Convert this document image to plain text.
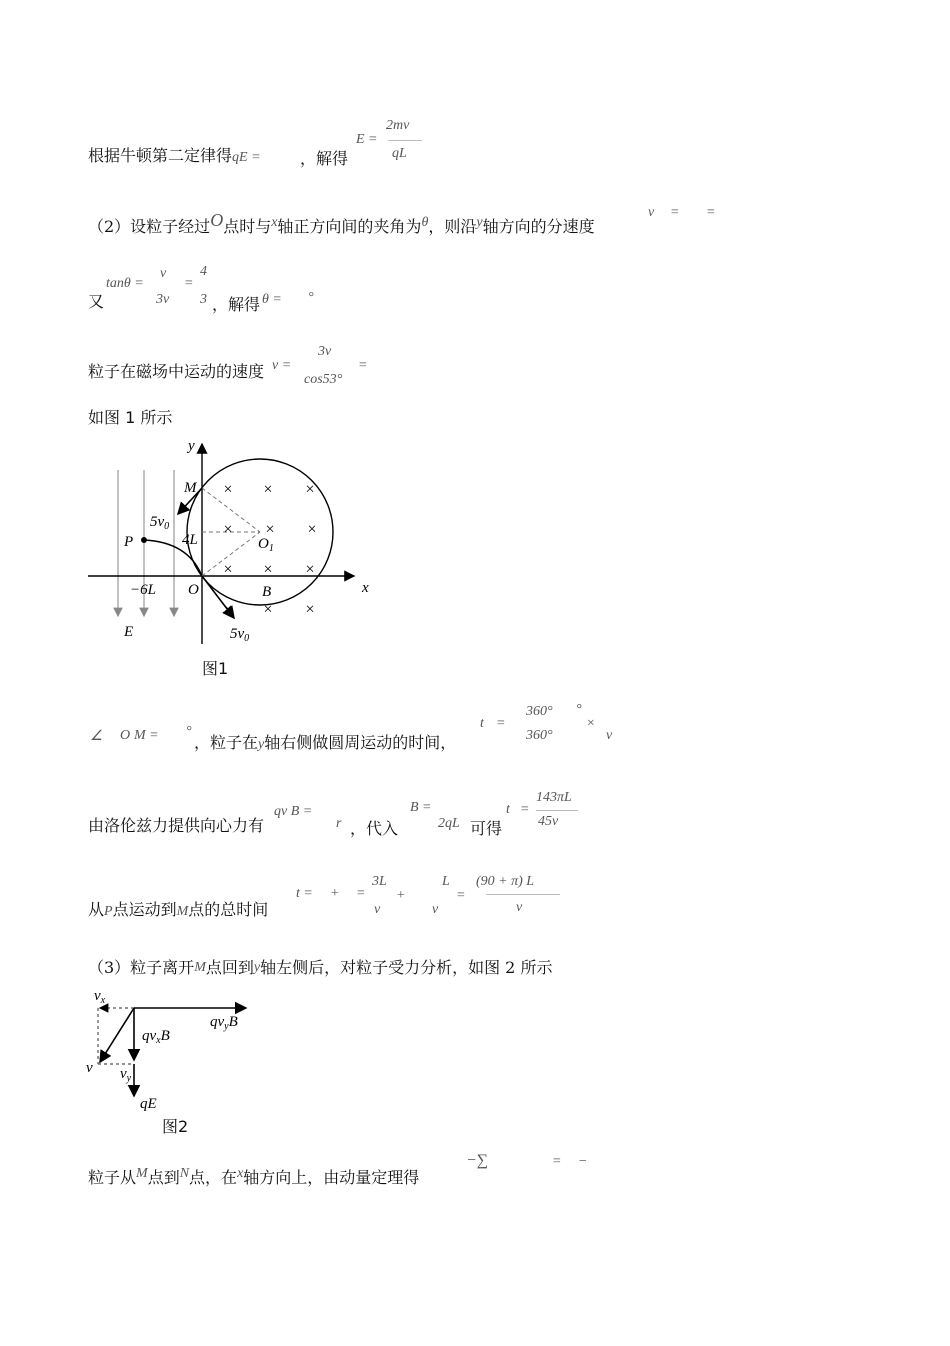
根据牛顿第二定律得qE = ，解得
E =
2mv
qL
（2）设粒子经过O点时与x轴正方向间的夹角为θ，则沿y轴方向的分速度
v = =
tanθ =
v
3v
=
4
3
又	，解得 θ = °
粒子在磁场中运动的速度 v =
3v
cos53°
=
如图 1 所示
× × ×
× × ×
× × ×
× × ×
y
x
M
P
O	B
E
$O_1$
$5v_0$
$5v_0$
4L
−6L
图1
∠ O M = °
，粒子在y轴右侧做圆周运动的时间，
t =
360°
360°
°
×
v
由洛伦兹力提供向心力有
qv B =
r ，代入
B =
2qL 可得
t =
143πL
45v
从P点运动到M点的总时间
t = + =
3L
v
+
L
v
=
(90 + π) L
v
（3）粒子离开M点回到y轴左侧后，对粒子受力分析，如图 2 所示
$v_x$
$qv_yB$
$qv_xB$
v $v_y$
qE
图2
粒子从M点到N点，在x轴方向上，由动量定理得
−∑	= −
